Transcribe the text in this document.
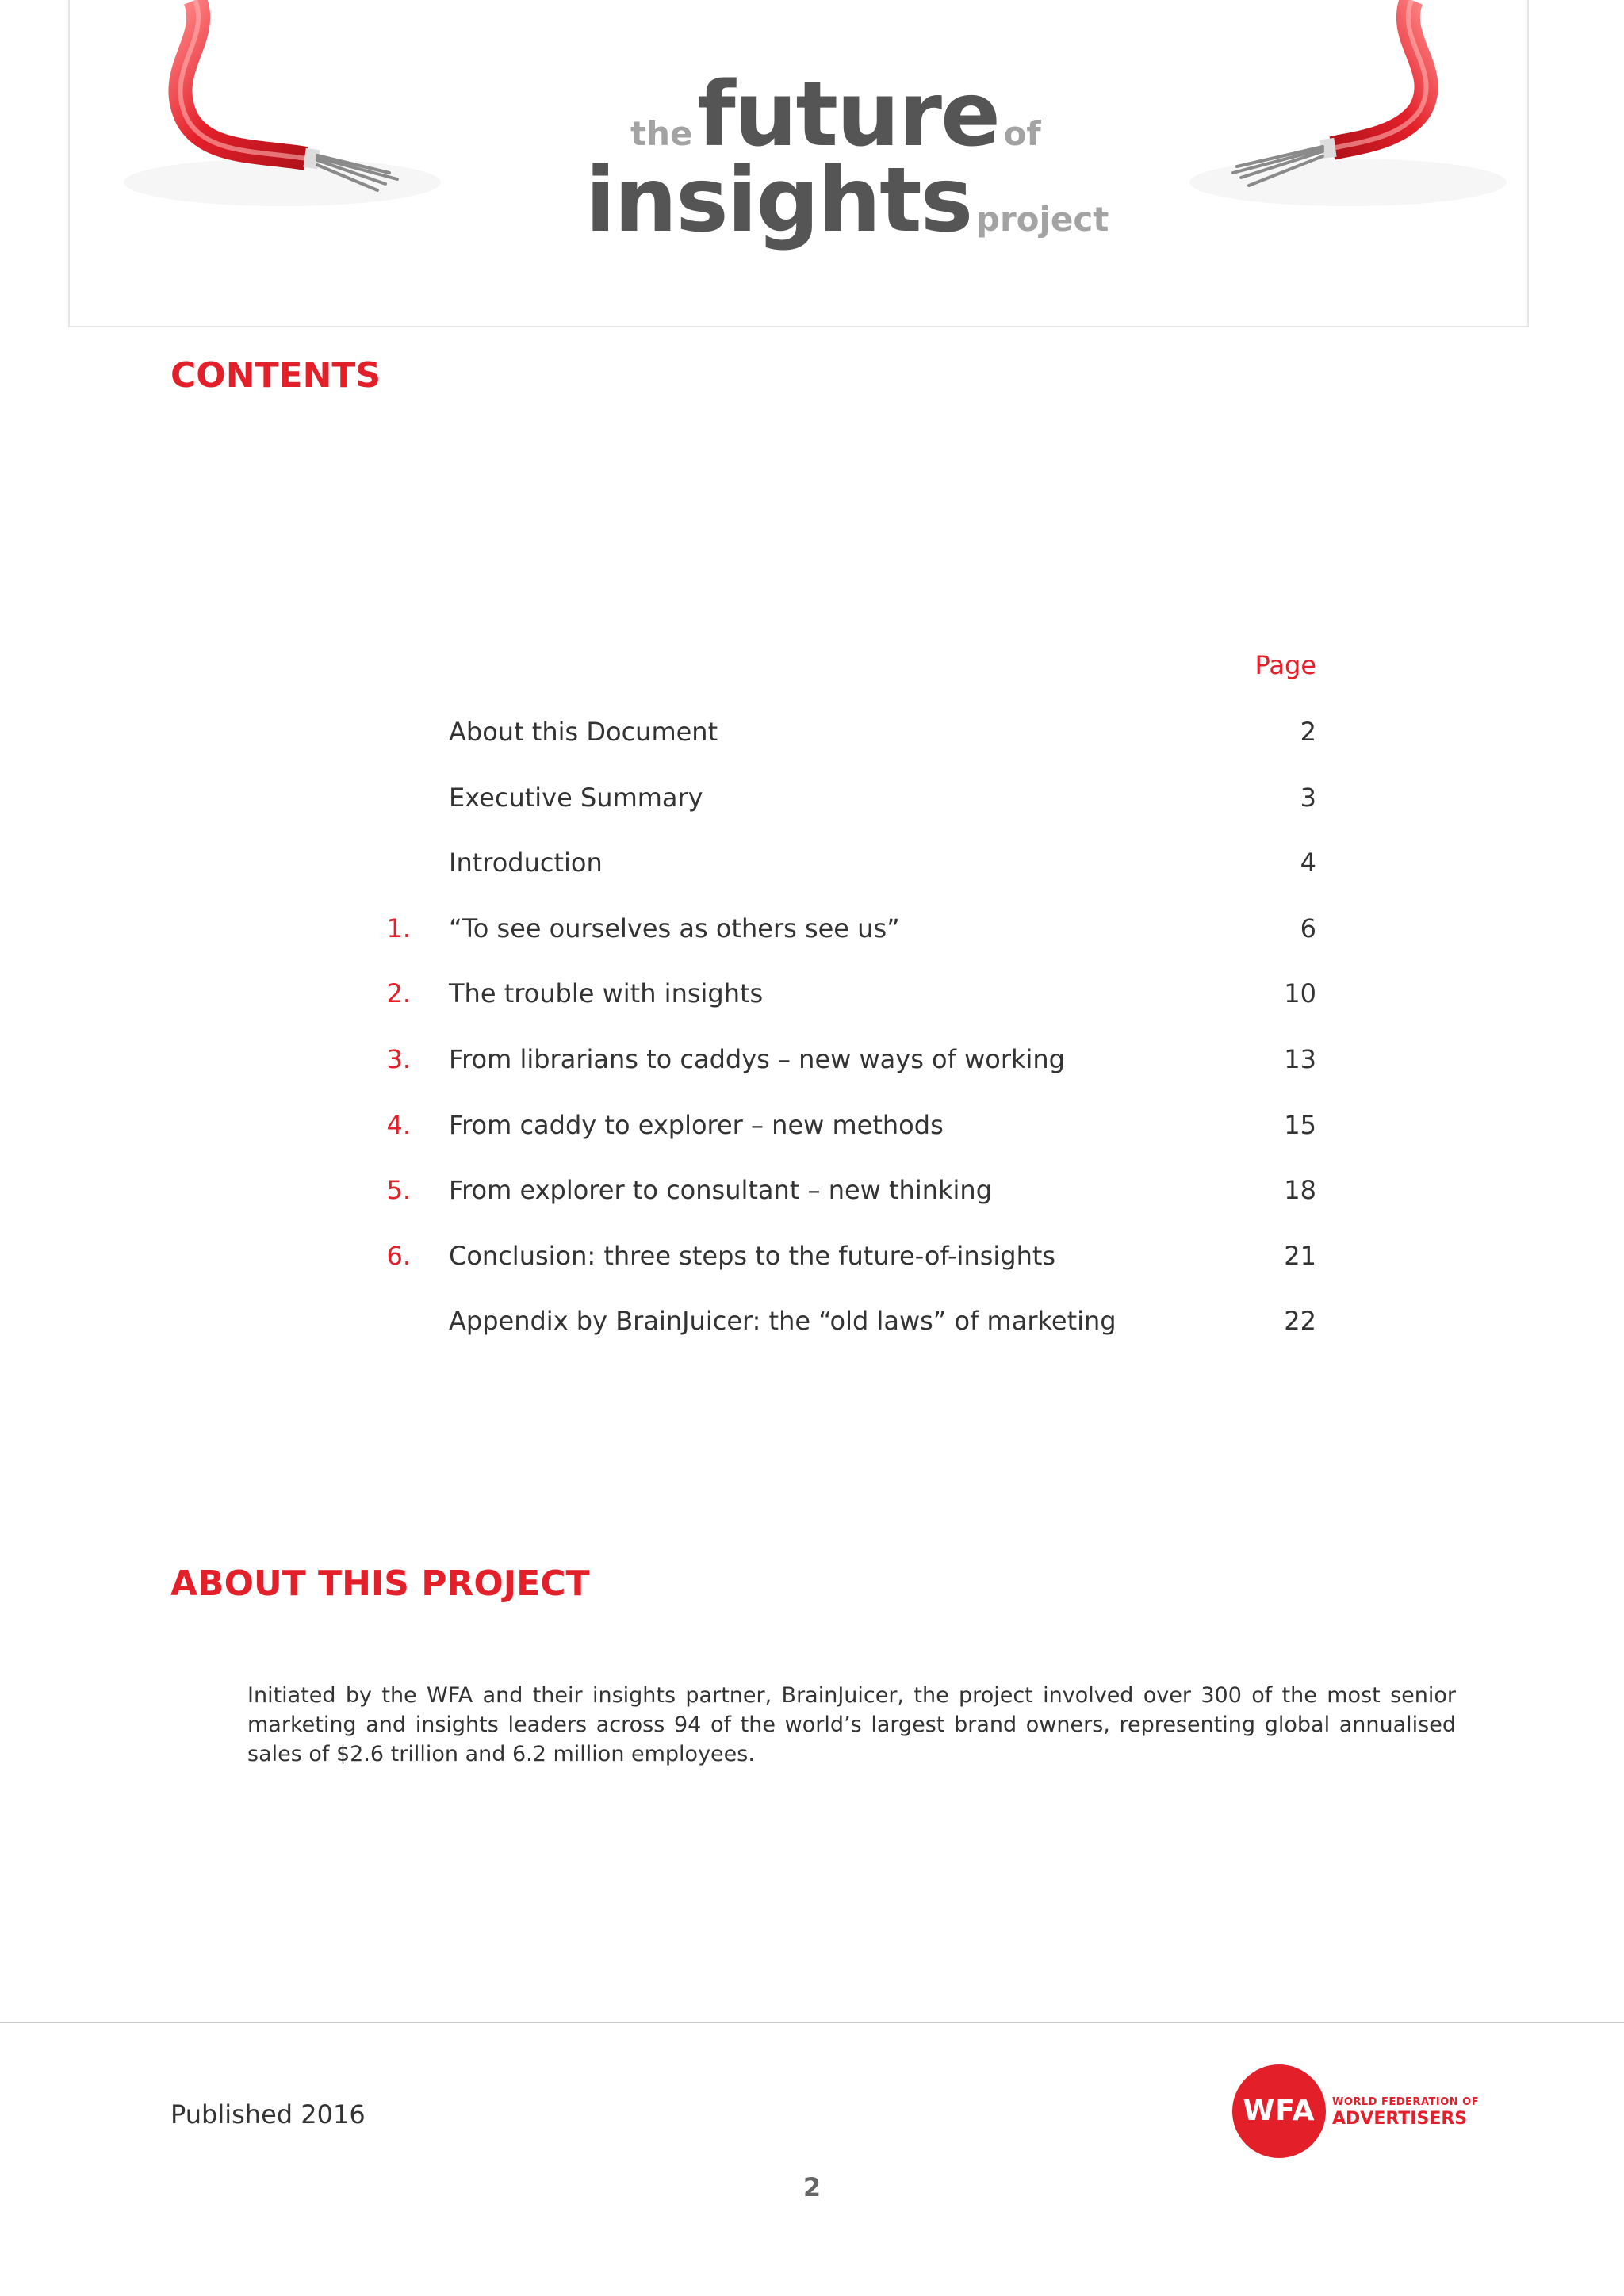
the future of
insights project
CONTENTS
Page
About this Document	2
Executive Summary	3
Introduction	4
1. “To see ourselves as others see us”	6
2. The trouble with insights	10
3. From librarians to caddys – new ways of working	13
4. From caddy to explorer – new methods	15
5. From explorer to consultant – new thinking	18
6. Conclusion: three steps to the future-of-insights	21
Appendix by BrainJuicer: the “old laws” of marketing	22
ABOUT THIS PROJECT
Initiated by the WFA and their insights partner, BrainJuicer, the project involved over 300 of the most senior marketing and insights leaders across 94 of the world’s largest brand owners, representing global annualised sales of $2.6 trillion and 6.2 million employees.
Published 2016	WFA	WORLD FEDERATION OF
ADVERTISERS
2
